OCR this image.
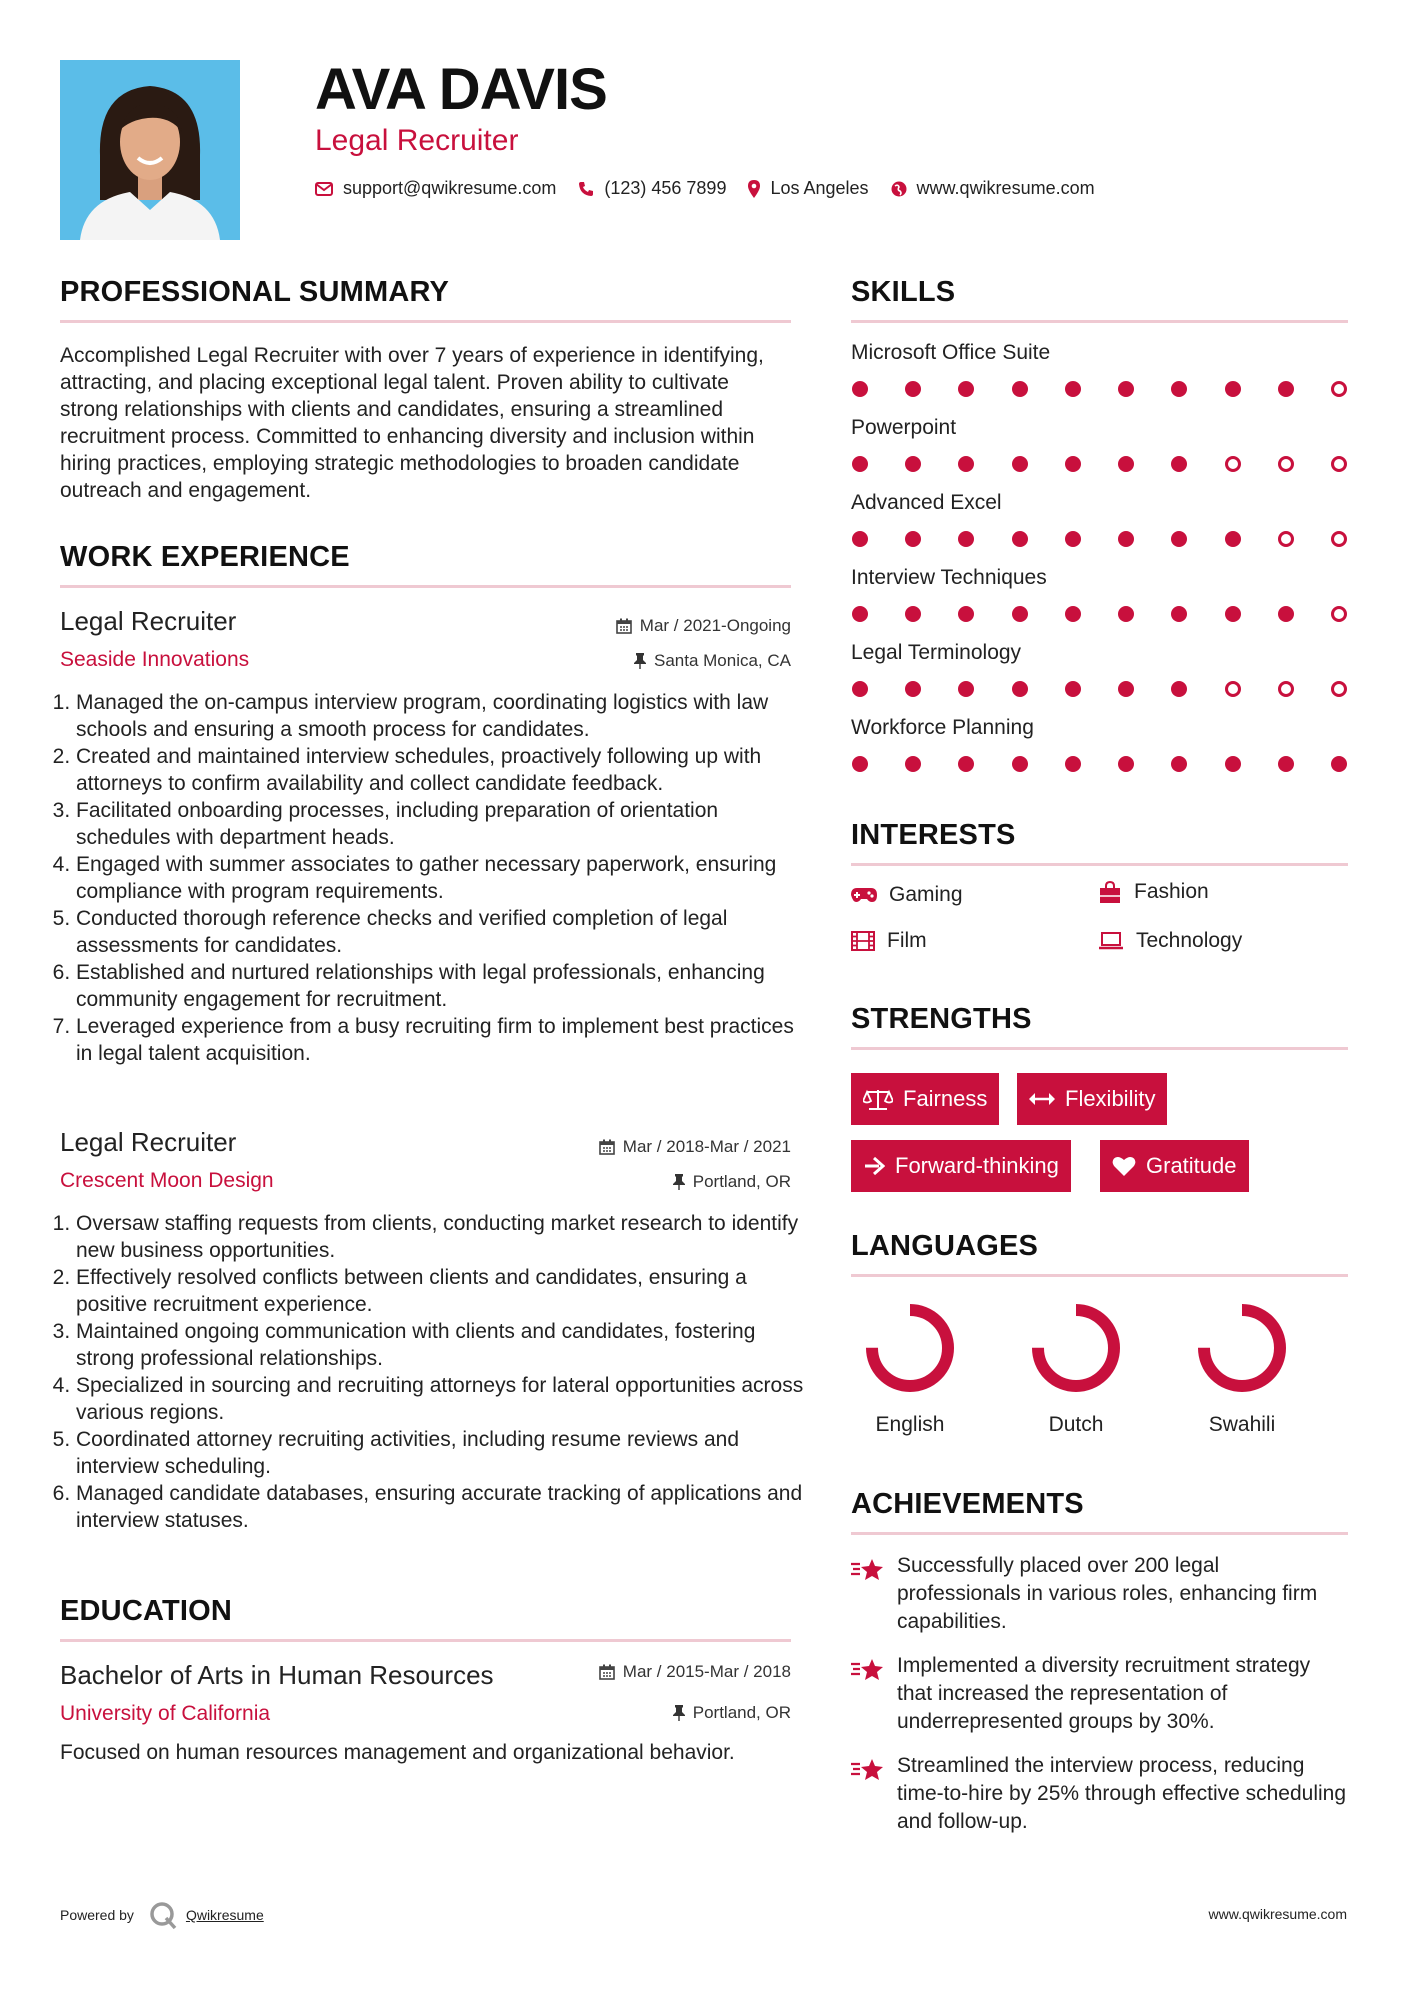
AVA DAVIS
Legal Recruiter
support@qwikresume.com	(123) 456 7899 Los Angeles	www.qwikresume.com
PROFESSIONAL SUMMARY
Accomplished Legal Recruiter with over 7 years of experience in identifying, attracting, and placing exceptional legal talent. Proven ability to cultivate strong relationships with clients and candidates, ensuring a streamlined recruitment process. Committed to enhancing diversity and inclusion within hiring practices, employing strategic methodologies to broaden candidate outreach and engagement.
WORK EXPERIENCE
Legal Recruiter	Mar / 2021-Ongoing
Seaside Innovations	Santa Monica, CA
1. Managed the on-campus interview program, coordinating logistics with law schools and ensuring a smooth process for candidates.
2. Created and maintained interview schedules, proactively following up with attorneys to confirm availability and collect candidate feedback.
3. Facilitated onboarding processes, including preparation of orientation schedules with department heads.
4. Engaged with summer associates to gather necessary paperwork, ensuring compliance with program requirements.
5. Conducted thorough reference checks and verified completion of legal assessments for candidates.
6. Established and nurtured relationships with legal professionals, enhancing community engagement for recruitment.
7. Leveraged experience from a busy recruiting firm to implement best practices in legal talent acquisition.
Legal Recruiter	Mar / 2018-Mar / 2021
Crescent Moon Design	Portland, OR
1. Oversaw staffing requests from clients, conducting market research to identify new business opportunities.
2. Effectively resolved conflicts between clients and candidates, ensuring a positive recruitment experience.
3. Maintained ongoing communication with clients and candidates, fostering strong professional relationships.
4. Specialized in sourcing and recruiting attorneys for lateral opportunities across various regions.
5. Coordinated attorney recruiting activities, including resume reviews and interview scheduling.
6. Managed candidate databases, ensuring accurate tracking of applications and interview statuses.
EDUCATION
Bachelor of Arts in Human Resources	Mar / 2015-Mar / 2018
University of California	Portland, OR
Focused on human resources management and organizational behavior.
SKILLS
Microsoft Office Suite
Powerpoint
Advanced Excel
Interview Techniques
Legal Terminology
Workforce Planning
INTERESTS
Gaming	Fashion
Film	Technology
STRENGTHS
Fairness	Flexibility
Forward-thinking	Gratitude
LANGUAGES
English	Dutch	Swahili
ACHIEVEMENTS
Successfully placed over 200 legal professionals in various roles, enhancing firm capabilities.
Implemented a diversity recruitment strategy that increased the representation of underrepresented groups by 30%.
Streamlined the interview process, reducing time-to-hire by 25% through effective scheduling and follow-up.
Powered by	Qwikresume	www.qwikresume.com
